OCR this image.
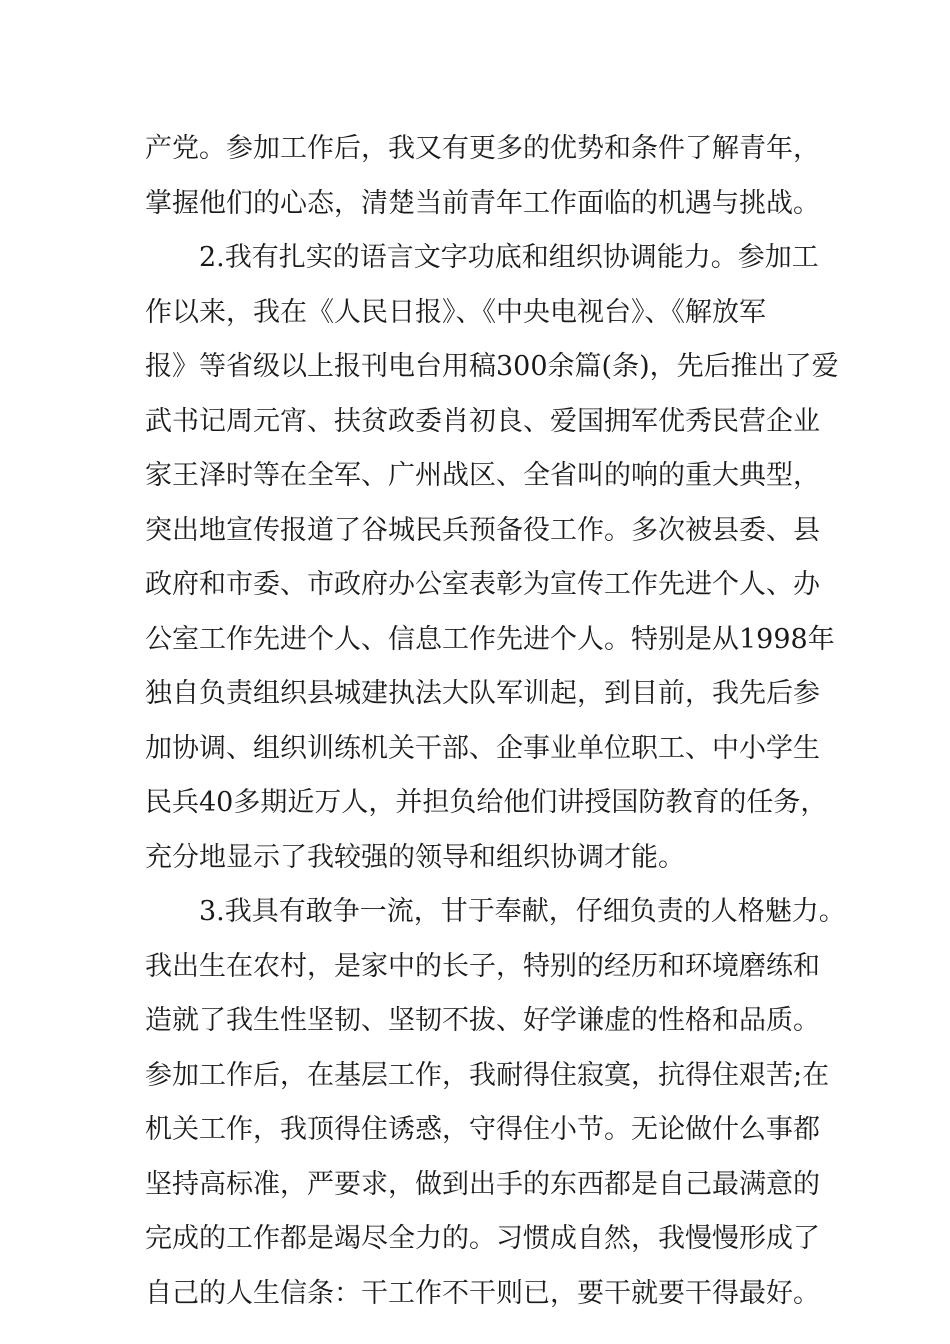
产党。参加工作后，我又有更多的优势和条件了解青年，
掌握他们的心态，清楚当前青年工作面临的机遇与挑战。
2.我有扎实的语言文字功底和组织协调能力。参加工
作以来，我在《人民日报》、《中央电视台》、《解放军
报》等省级以上报刊电台用稿300余篇(条)，先后推出了爱
武书记周元宵、扶贫政委肖初良、爱国拥军优秀民营企业
家王泽时等在全军、广州战区、全省叫的响的重大典型，
突出地宣传报道了谷城民兵预备役工作。多次被县委、县
政府和市委、市政府办公室表彰为宣传工作先进个人、办
公室工作先进个人、信息工作先进个人。特别是从1998年
独自负责组织县城建执法大队军训起，到目前，我先后参
加协调、组织训练机关干部、企事业单位职工、中小学生
民兵40多期近万人，并担负给他们讲授国防教育的任务，
充分地显示了我较强的领导和组织协调才能。
3.我具有敢争一流，甘于奉献，仔细负责的人格魅力。
我出生在农村，是家中的长子，特别的经历和环境磨练和
造就了我生性坚韧、坚韧不拔、好学谦虚的性格和品质。
参加工作后，在基层工作，我耐得住寂寞，抗得住艰苦;在
机关工作，我顶得住诱惑，守得住小节。无论做什么事都
坚持高标准，严要求，做到出手的东西都是自己最满意的
完成的工作都是竭尽全力的。习惯成自然，我慢慢形成了
自己的人生信条：干工作不干则已，要干就要干得最好。
